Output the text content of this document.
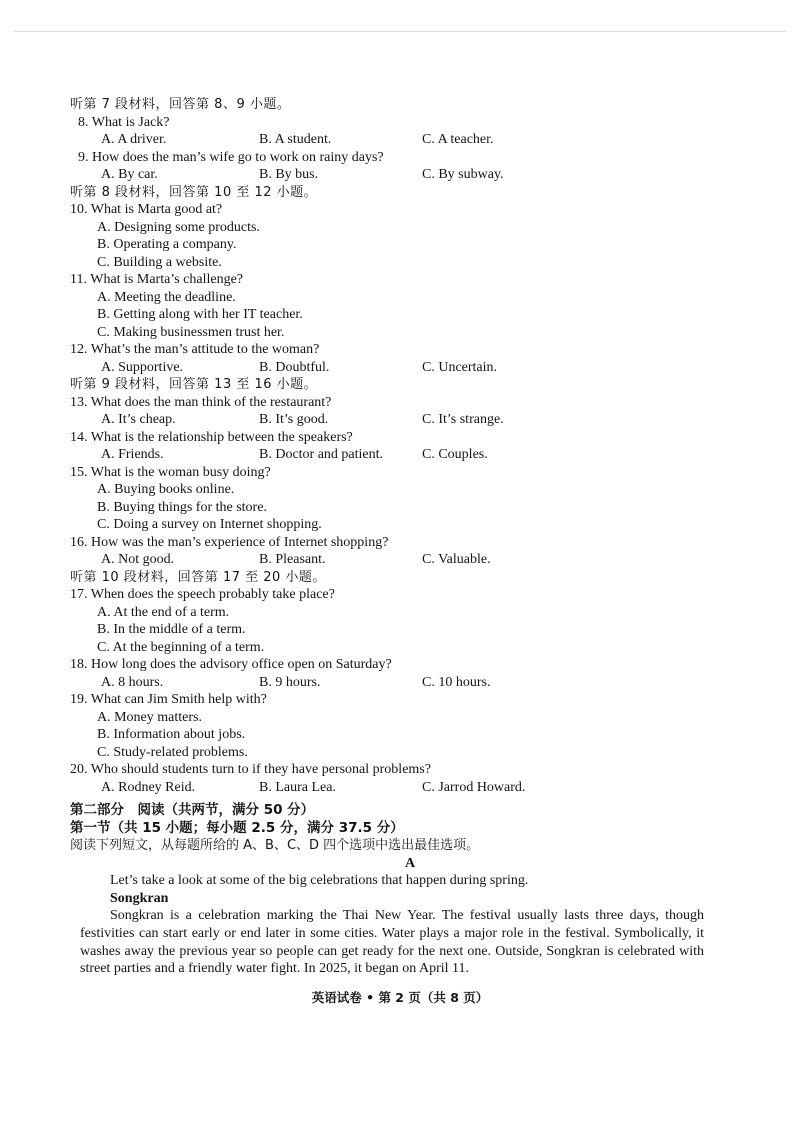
听第 7 段材料，回答第 8、9 小题。
8. What is Jack?
A. A driver.	B. A student.	C. A teacher.
9. How does the man’s wife go to work on rainy days?
A. By car.	B. By bus.	C. By subway.
听第 8 段材料，回答第 10 至 12 小题。
10. What is Marta good at?
A. Designing some products.
B. Operating a company.
C. Building a website.
11. What is Marta’s challenge?
A. Meeting the deadline.
B. Getting along with her IT teacher.
C. Making businessmen trust her.
12. What’s the man’s attitude to the woman?
A. Supportive.	B. Doubtful.	C. Uncertain.
听第 9 段材料，回答第 13 至 16 小题。
13. What does the man think of the restaurant?
A. It’s cheap.	B. It’s good.	C. It’s strange.
14. What is the relationship between the speakers?
A. Friends.	B. Doctor and patient.	C. Couples.
15. What is the woman busy doing?
A. Buying books online.
B. Buying things for the store.
C. Doing a survey on Internet shopping.
16. How was the man’s experience of Internet shopping?
A. Not good.	B. Pleasant.	C. Valuable.
听第 10 段材料，回答第 17 至 20 小题。
17. When does the speech probably take place?
A. At the end of a term.
B. In the middle of a term.
C. At the beginning of a term.
18. How long does the advisory office open on Saturday?
A. 8 hours.	B. 9 hours.	C. 10 hours.
19. What can Jim Smith help with?
A. Money matters.
B. Information about jobs.
C. Study-related problems.
20. Who should students turn to if they have personal problems?
A. Rodney Reid.	B. Laura Lea.	C. Jarrod Howard.
第二部分　阅读（共两节，满分 50 分）
第一节（共 15 小题；每小题 2.5 分，满分 37.5 分）
阅读下列短文，从每题所给的 A、B、C、D 四个选项中选出最佳选项。
A
Let’s take a look at some of the big celebrations that happen during spring.
Songkran
Songkran is a celebration marking the Thai New Year. The festival usually lasts three days, though festivities can start early or end later in some cities. Water plays a major role in the festival. Symbolically, it washes away the previous year so people can get ready for the next one. Outside, Songkran is celebrated with street parties and a friendly water fight. In 2025, it began on April 11.
英语试卷 • 第 2 页（共 8 页）
